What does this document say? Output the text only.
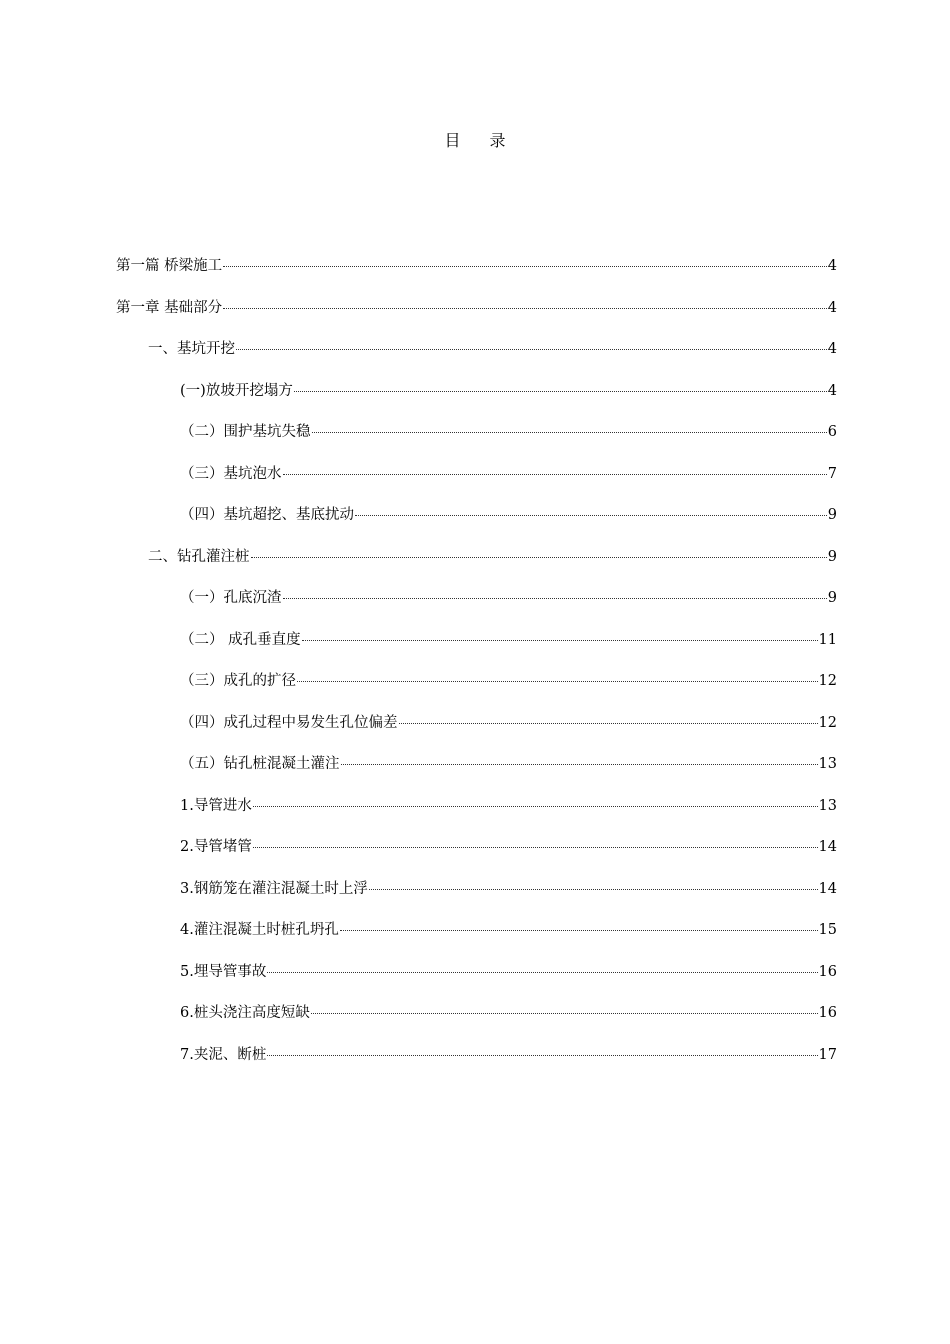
目 录
第一篇 桥梁施工	4
第一章 基础部分	4
一、基坑开挖	4
(一)放坡开挖塌方	4
（二）围护基坑失稳	6
（三）基坑泡水	7
（四）基坑超挖、基底扰动	9
二、钻孔灌注桩	9
（一）孔底沉渣	9
（二） 成孔垂直度	11
（三）成孔的扩径	12
（四）成孔过程中易发生孔位偏差	12
（五）钻孔桩混凝土灌注	13
1.导管进水	13
2.导管堵管	14
3.钢筋笼在灌注混凝土时上浮	14
4.灌注混凝土时桩孔坍孔	15
5.埋导管事故	16
6.桩头浇注高度短缺	16
7.夹泥、断桩	17
